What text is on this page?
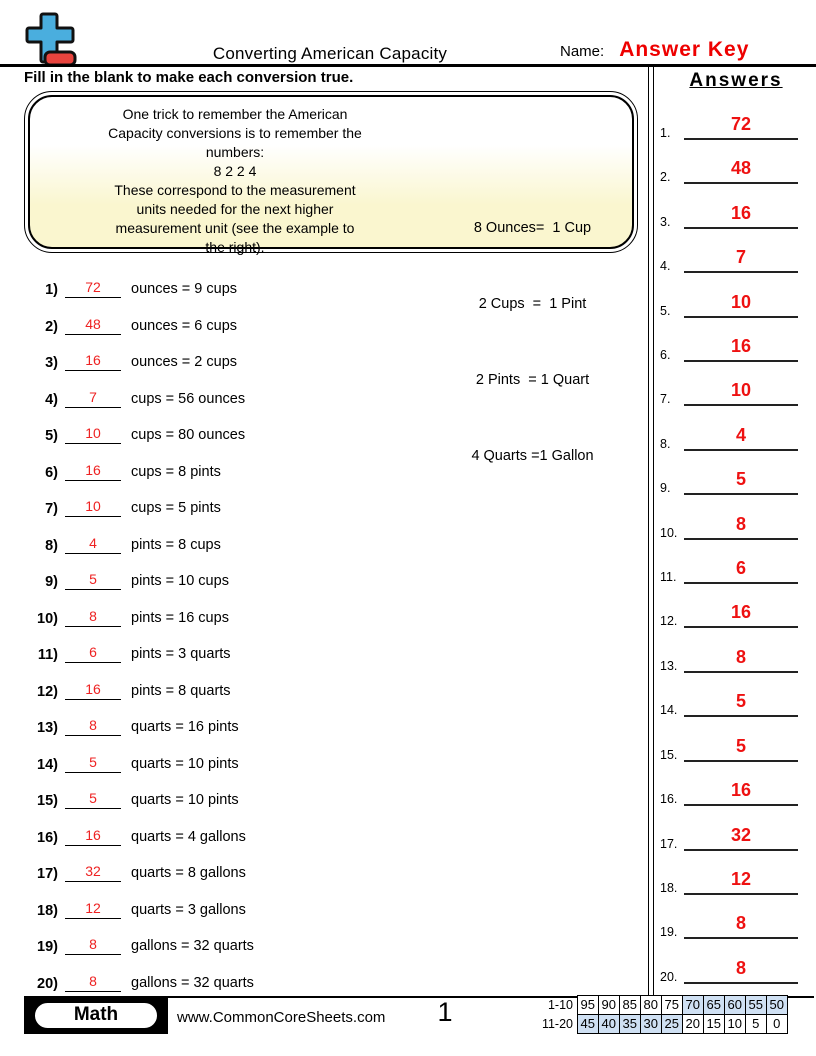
Converting American Capacity	Name: Answer Key
Fill in the blank to make each conversion true.
One trick to remember the American
Capacity conversions is to remember the
numbers:
8 2 2 4
These correspond to the measurement
units needed for the next higher
measurement unit (see the example to
the right).

8 Ounces=  1 Cup

2 Cups  =  1 Pint

2 Pints  = 1 Quart

4 Quarts =1 Gallon

1)	72	ounces = 9 cups
2)	48	ounces = 6 cups
3)	16	ounces = 2 cups
4)	7	cups = 56 ounces
5)	10	cups = 80 ounces
6)	16	cups = 8 pints
7)	10	cups = 5 pints
8)	4	pints = 8 cups
9)	5	pints = 10 cups
10)	8	pints = 16 cups
11)	6	pints = 3 quarts
12)	16	pints = 8 quarts
13)	8	quarts = 16 pints
14)	5	quarts = 10 pints
15)	5	quarts = 10 pints
16)	16	quarts = 4 gallons
17)	32	quarts = 8 gallons
18)	12	quarts = 3 gallons
19)	8	gallons = 32 quarts
20)	8	gallons = 32 quarts
Answers
1.	72
2.	48
3.	16
4.	7
5.	10
6.	16
7.	10
8.	4
9.	5
10.	8
11.	6
12.	16
13.	8
14.	5
15.	5
16.	16
17.	32
18.	12
19.	8
20.	8
Math	www.CommonCoreSheets.com	1	1-10 95 90 85 80 75 70 65 60 55 50
11-20 45 40 35 30 25 20 15 10 5	0
